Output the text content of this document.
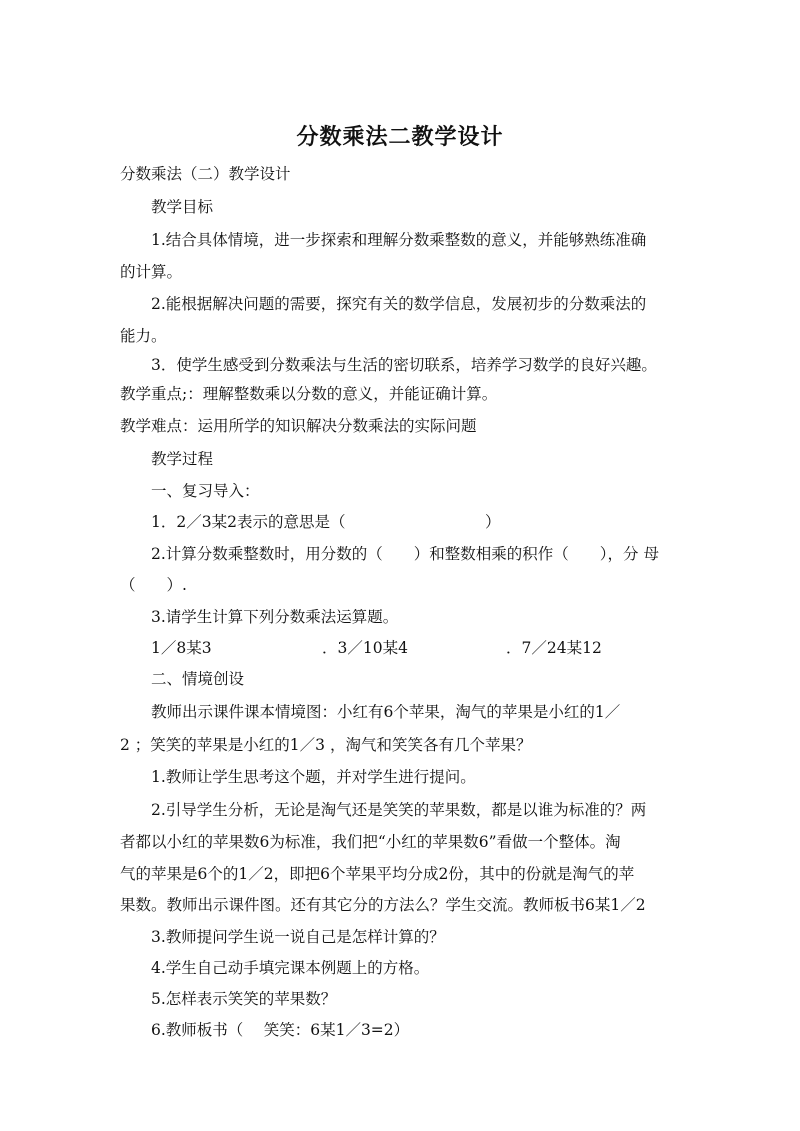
分数乘法二教学设计
分数乘法（二）教学设计
教学目标
1.结合具体情境，进一步探索和理解分数乘整数的意义，并能够熟练准确
的计算。
2.能根据解决问题的需要，探究有关的数学信息，发展初步的分数乘法的
能力。
3．使学生感受到分数乘法与生活的密切联系，培养学习数学的良好兴趣。
教学重点;：理解整数乘以分数的意义，并能证确计算。
教学难点：运用所学的知识解决分数乘法的实际问题
教学过程
一、复习导入：
1．2／3某2表示的意思是（　　　　　　　　　）
2.计算分数乘整数时，用分数的（　　）和整数相乘的积作（　　），分 母
（　　）.
3.请学生计算下列分数乘法运算题。
1／8某3	．3／10某4	．7／24某12
二、情境创设
教师出示课件课本情境图：小红有6个苹果，淘气的苹果是小红的1／
2 ；笑笑的苹果是小红的1／3 ，淘气和笑笑各有几个苹果？
1.教师让学生思考这个题，并对学生进行提问。
2.引导学生分析，无论是淘气还是笑笑的苹果数，都是以谁为标准的？两
者都以小红的苹果数6为标准，我们把“小红的苹果数6”看做一个整体。淘
气的苹果是6个的1／2，即把6个苹果平均分成2份，其中的份就是淘气的苹
果数。教师出示课件图。还有其它分的方法么？学生交流。教师板书6某1／2
3.教师提问学生说一说自己是怎样计算的？
4.学生自己动手填完课本例题上的方格。
5.怎样表示笑笑的苹果数？
6.教师板书（　 笑笑：6某1／3=2）
